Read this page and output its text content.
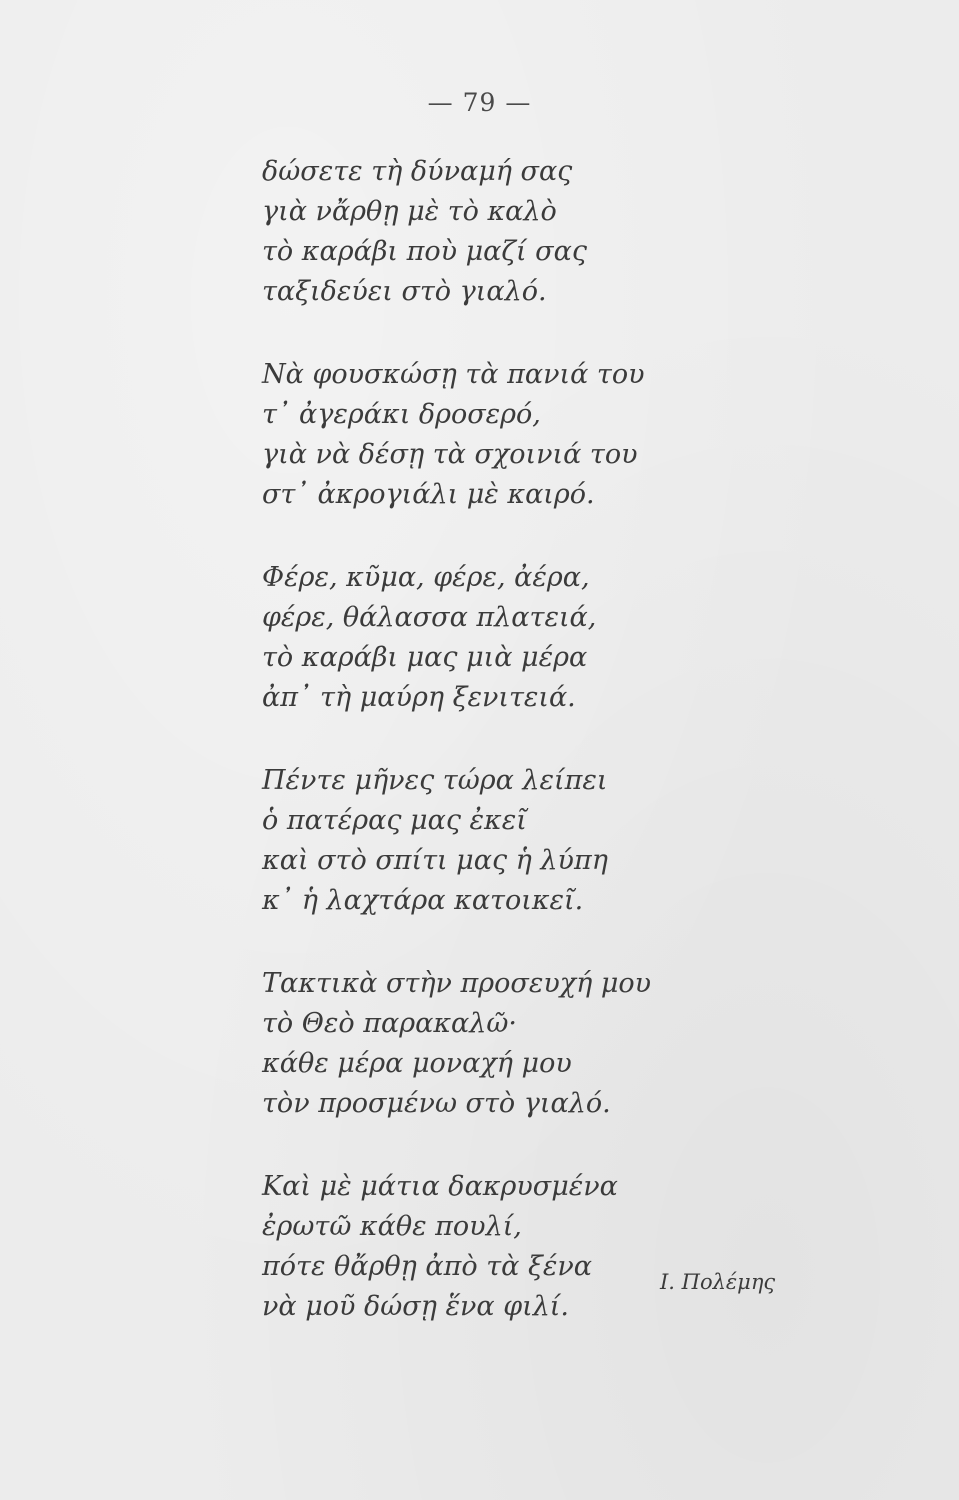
— 79 —
δώσετε τὴ δύναμή σας
γιὰ νἄρθῃ μὲ τὸ καλὸ
τὸ καράβι ποὺ μαζί σας
ταξιδεύει στὸ γιαλό.
Νὰ φουσκώσῃ τὰ πανιά του
τ᾿ ἀγεράκι δροσερό,
γιὰ νὰ δέσῃ τὰ σχοινιά του
στ᾿ ἀκρογιάλι μὲ καιρό.
Φέρε, κῦμα, φέρε, ἀέρα,
φέρε, θάλασσα πλατειά,
τὸ καράβι μας μιὰ μέρα
ἀπ᾿ τὴ μαύρη ξενιτειά.
Πέντε μῆνες τώρα λείπει
ὁ πατέρας μας ἐκεῖ
καὶ στὸ σπίτι μας ἡ λύπη
κ᾿ ἡ λαχτάρα κατοικεῖ.
Τακτικὰ στὴν προσευχή μου
τὸ Θεὸ παρακαλῶ·
κάθε μέρα μοναχή μου
τὸν προσμένω στὸ γιαλό.
Καὶ μὲ μάτια δακρυσμένα
ἐρωτῶ κάθε πουλί,
πότε θἄρθῃ ἀπὸ τὰ ξένα
νὰ μοῦ δώσῃ ἕνα φιλί.
Ι. Πολέμης
